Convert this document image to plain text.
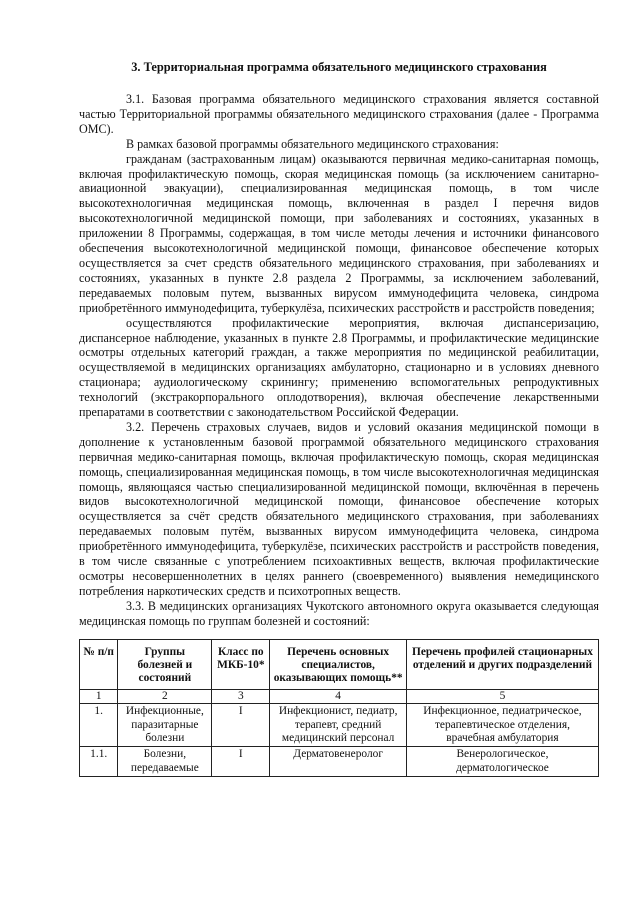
3. Территориальная программа обязательного медицинского страхования

3.1. Базовая программа обязательного медицинского страхования является составной частью Территориальной программы обязательного медицинского страхования (далее - Программа ОМС).

В рамках базовой программы обязательного медицинского страхования:

гражданам (застрахованным лицам) оказываются первичная медико-санитарная помощь, включая профилактическую помощь, скорая медицинская помощь (за исключением санитарно-авиационной эвакуации), специализированная медицинская помощь, в том числе высокотехнологичная медицинская помощь, включенная в раздел I перечня видов высокотехнологичной медицинской помощи, при заболеваниях и состояниях, указанных в приложении 8 Программы, содержащая, в том числе методы лечения и источники финансового обеспечения высокотехнологичной медицинской помощи, финансовое обеспечение которых осуществляется за счет средств обязательного медицинского страхования, при заболеваниях и состояниях, указанных в пункте 2.8 раздела 2 Программы, за исключением заболеваний, передаваемых половым путем, вызванных вирусом иммунодефицита человека, синдрома приобретённого иммунодефицита, туберкулёза, психических расстройств и расстройств поведения;

осуществляются профилактические мероприятия, включая диспансеризацию, диспансерное наблюдение, указанных в пункте 2.8 Программы, и профилактические медицинские осмотры отдельных категорий граждан, а также мероприятия по медицинской реабилитации, осуществляемой в медицинских организациях амбулаторно, стационарно и в условиях дневного стационара; аудиологическому скринингу; применению вспомогательных репродуктивных технологий (экстракорпорального оплодотворения), включая обеспечение лекарственными препаратами в соответствии с законодательством Российской Федерации.

3.2. Перечень страховых случаев, видов и условий оказания медицинской помощи в дополнение к установленным базовой программой обязательного медицинского страхования первичная медико-санитарная помощь, включая профилактическую помощь, скорая медицинская помощь, специализированная медицинская помощь, в том числе высокотехнологичная медицинская помощь, являющаяся частью специализированной медицинской помощи, включённая в перечень видов высокотехнологичной медицинской помощи, финансовое обеспечение которых осуществляется за счёт средств обязательного медицинского страхования, при заболеваниях передаваемых половым путём, вызванных вирусом иммунодефицита человека, синдрома приобретённого иммунодефицита, туберкулёзе, психических расстройств и расстройств поведения, в том числе связанные с употреблением психоактивных веществ, включая профилактические осмотры несовершеннолетних в целях раннего (своевременного) выявления немедицинского потребления наркотических средств и психотропных веществ.

3.3. В медицинских организациях Чукотского автономного округа оказывается следующая медицинская помощь по группам болезней и состояний:

№ п/п	Группы болезней и состояний	Класс по МКБ-10*	Перечень основных специалистов, оказывающих помощь**	Перечень профилей стационарных отделений и других подразделений
1	2	3	4	5
1.	Инфекционные, паразитарные болезни	I	Инфекционист, педиатр, терапевт, средний медицинский персонал	Инфекционное, педиатрическое, терапевтическое отделения, врачебная амбулатория
1.1.	Болезни, передаваемые	I	Дерматовенеролог	Венерологическое, дерматологическое
